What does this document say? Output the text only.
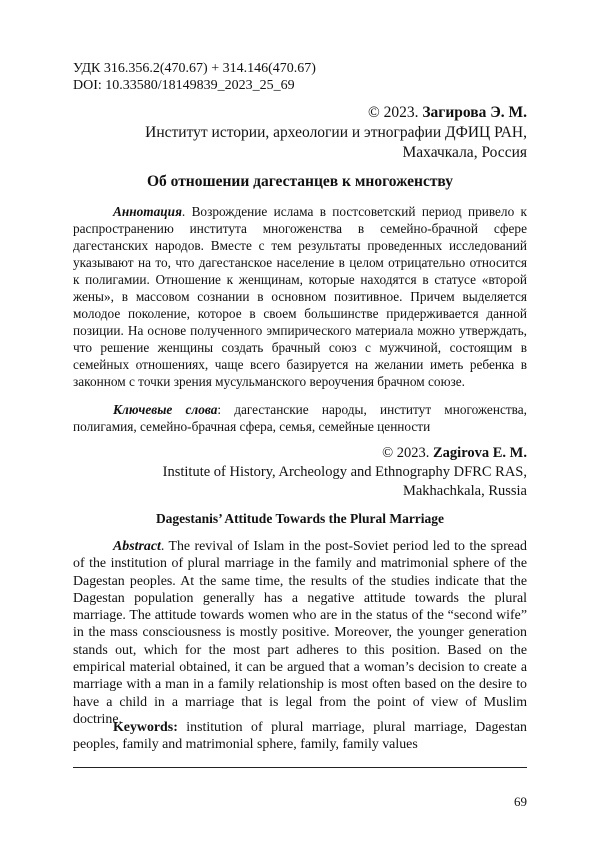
УДК 316.356.2(470.67) + 314.146(470.67)
DOI: 10.33580/18149839_2023_25_69
© 2023. Загирова Э. М.
Институт истории, археологии и этнографии ДФИЦ РАН,
Махачкала, Россия
Об отношении дагестанцев к многоженству

Аннотация. Возрождение ислама в постсоветский период привело к распространению института многоженства в семейно-брачной сфере дагестанских народов. Вместе с тем результаты проведенных исследований указывают на то, что дагестанское население в целом отрицательно относится к полигамии. Отношение к женщинам, которые находятся в статусе «второй жены», в массовом сознании в основном позитивное. Причем выделяется молодое поколение, которое в своем большинстве придерживается данной позиции. На основе полученного эмпирического материала можно утверждать, что решение женщины создать брачный союз с мужчиной, состоящим в семейных отношениях, чаще всего базируется на желании иметь ребенка в законном с точки зрения мусульманского вероучения брачном союзе.

Ключевые слова: дагестанские народы, институт многоженства, полигамия, семейно-брачная сфера, семья, семейные ценности

© 2023. Zagirova E. M.
Institute of History, Archeology and Ethnography DFRC RAS,
Makhachkala, Russia
Dagestanis’ Attitude Towards the Plural Marriage

Abstract. The revival of Islam in the post-Soviet period led to the spread of the institution of plural marriage in the family and matrimonial sphere of the Dagestan peoples. At the same time, the results of the studies indicate that the Dagestan population generally has a negative attitude towards the plural marriage. The attitude towards women who are in the status of the “second wife” in the mass consciousness is mostly positive. Moreover, the younger generation stands out, which for the most part adheres to this position. Based on the empirical material obtained, it can be argued that a woman’s decision to create a marriage with a man in a family relationship is most often based on the desire to have a child in a marriage that is legal from the point of view of Muslim doctrine.

Keywords: institution of plural marriage, plural marriage, Dagestan peoples, family and matrimonial sphere, family, family values

69
